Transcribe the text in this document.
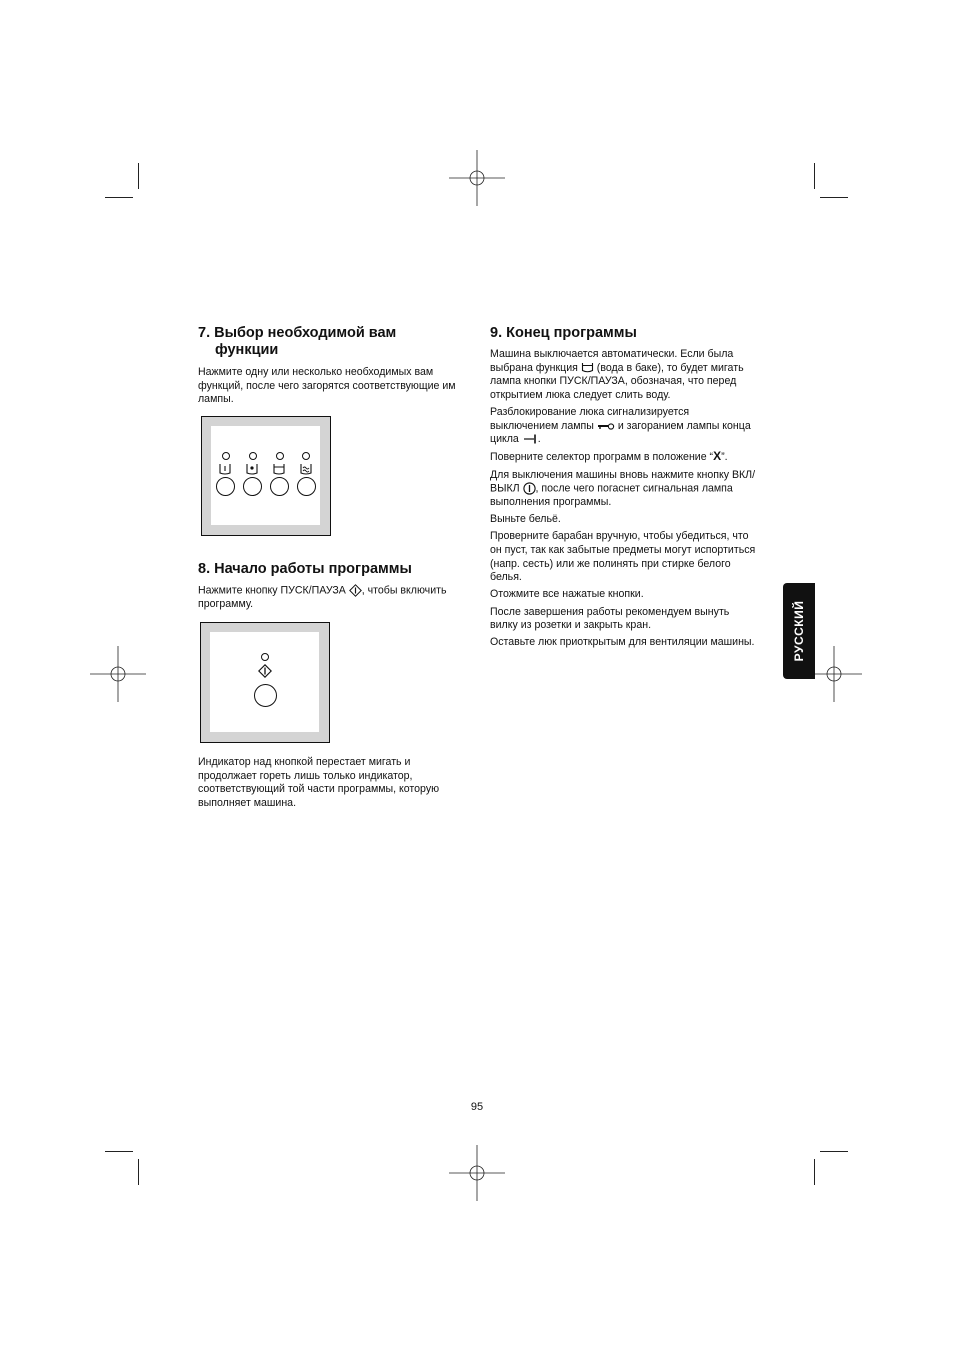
7. Выбор необходимой вам
функции

Нажмите одну или несколько необходимых вам функций, после чего загорятся соответствующие им лампы.

8. Начало работы программы

Нажмите кнопку ПУСК/ПАУЗА , чтобы включить программу.

Индикатор над кнопкой перестает мигать и продолжает гореть лишь только индикатор, соответствующий той части программы, которую выполняет машина.

9. Конец программы

Машина выключается автоматически. Если была выбрана функция (вода в баке), то будет мигать лампа кнопки ПУСК/ПАУЗА, обозначая, что перед открытием люка следует слить воду.

Разблокирование люка сигнализируется выключением лампы и загоранием лампы конца цикла .

Поверните селектор программ в положение “X”.

Для выключения машины вновь нажмите кнопку ВКЛ/ВЫКЛ , после чего погаснет сигнальная лампа выполнения программы.

Выньте бельё.

Проверните барабан вручную, чтобы убедиться, что он пуст, так как забытые предметы могут испортиться (напр. сесть) или же полинять при стирке белого белья.

Отожмите все нажатые кнопки.

После завершения работы рекомендуем вынуть вилку из розетки и закрыть кран.

Оставьте люк приоткрытым для вентиляции машины.	РУССКИЙ
95
